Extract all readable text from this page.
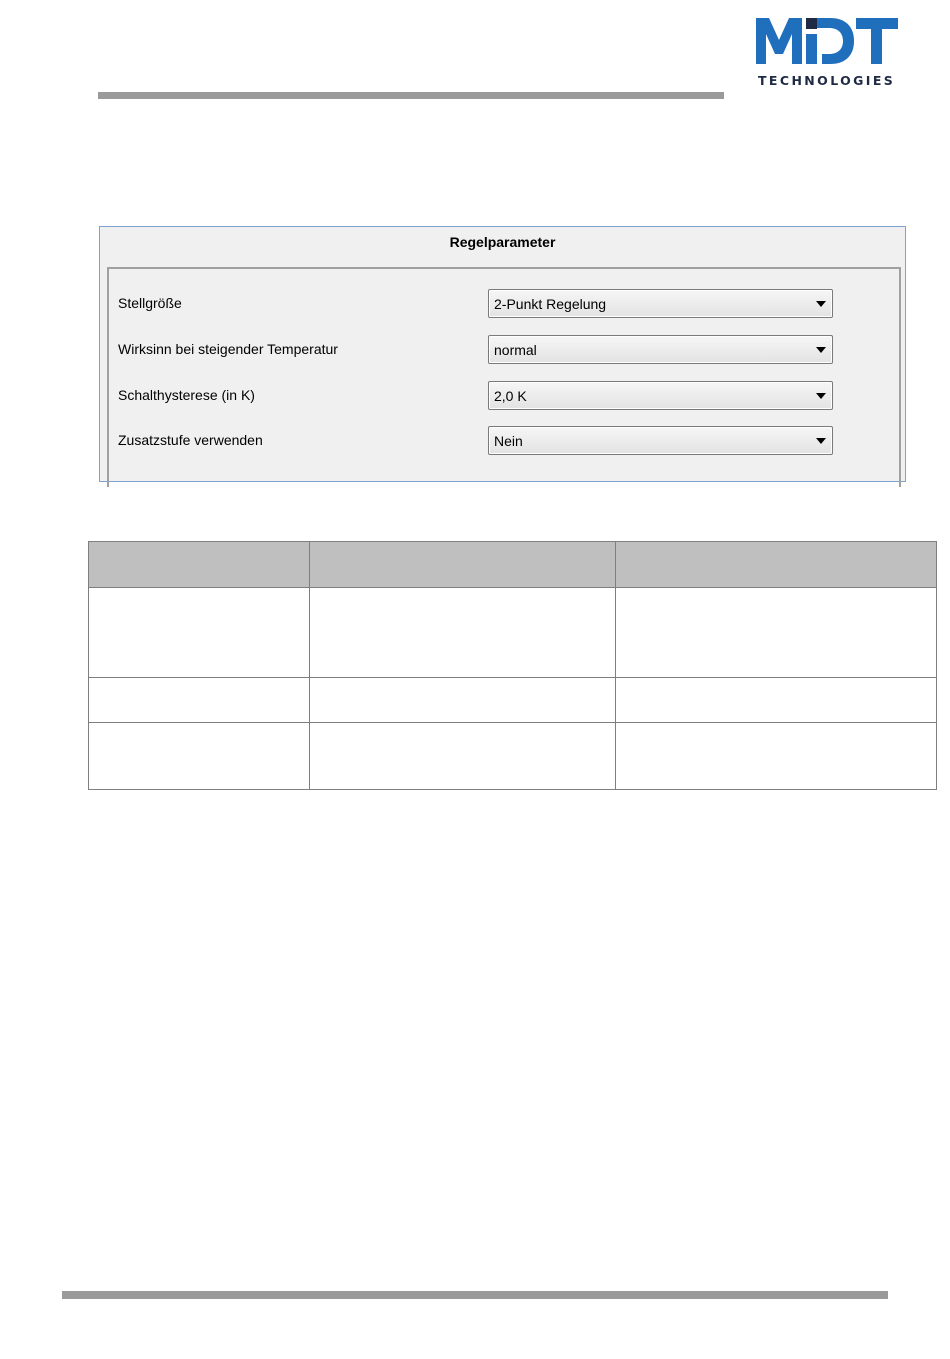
TECHNOLOGIES
Regelparameter
Stellgröße	2-Punkt Regelung
Wirksinn bei steigender Temperatur	normal
Schalthysterese (in K)	2,0 K
Zusatzstufe verwenden	Nein
